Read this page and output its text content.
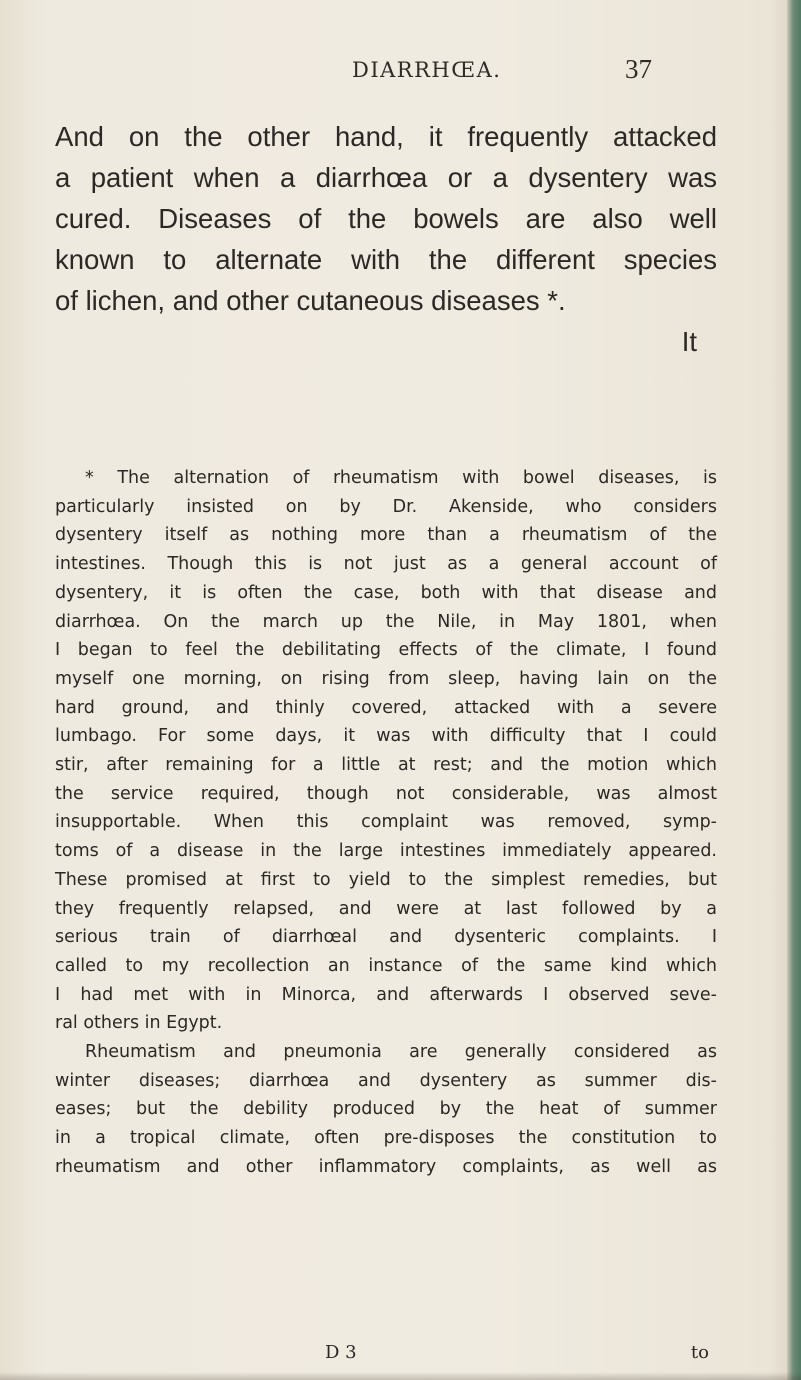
DIARRHŒA.	37
And on the other hand, it frequently attacked
a patient when a diarrhœa or a dysentery was
cured. Diseases of the bowels are also well
known to alternate with the different species
of lichen, and other cutaneous diseases *.
It
* The alternation of rheumatism with bowel diseases, is
particularly insisted on by Dr. Akenside, who considers
dysentery itself as nothing more than a rheumatism of the
intestines. Though this is not just as a general account of
dysentery, it is often the case, both with that disease and
diarrhœa. On the march up the Nile, in May 1801, when
I began to feel the debilitating effects of the climate, I found
myself one morning, on rising from sleep, having lain on the
hard ground, and thinly covered, attacked with a severe
lumbago. For some days, it was with difficulty that I could
stir, after remaining for a little at rest; and the motion which
the service required, though not considerable, was almost
insupportable. When this complaint was removed, symp-
toms of a disease in the large intestines immediately appeared.
These promised at first to yield to the simplest remedies, but
they frequently relapsed, and were at last followed by a
serious train of diarrhœal and dysenteric complaints. I
called to my recollection an instance of the same kind which
I had met with in Minorca, and afterwards I observed seve-
ral others in Egypt.
Rheumatism and pneumonia are generally considered as
winter diseases; diarrhœa and dysentery as summer dis-
eases; but the debility produced by the heat of summer
in a tropical climate, often pre-disposes the constitution to
rheumatism and other inflammatory complaints, as well as
D 3	to
